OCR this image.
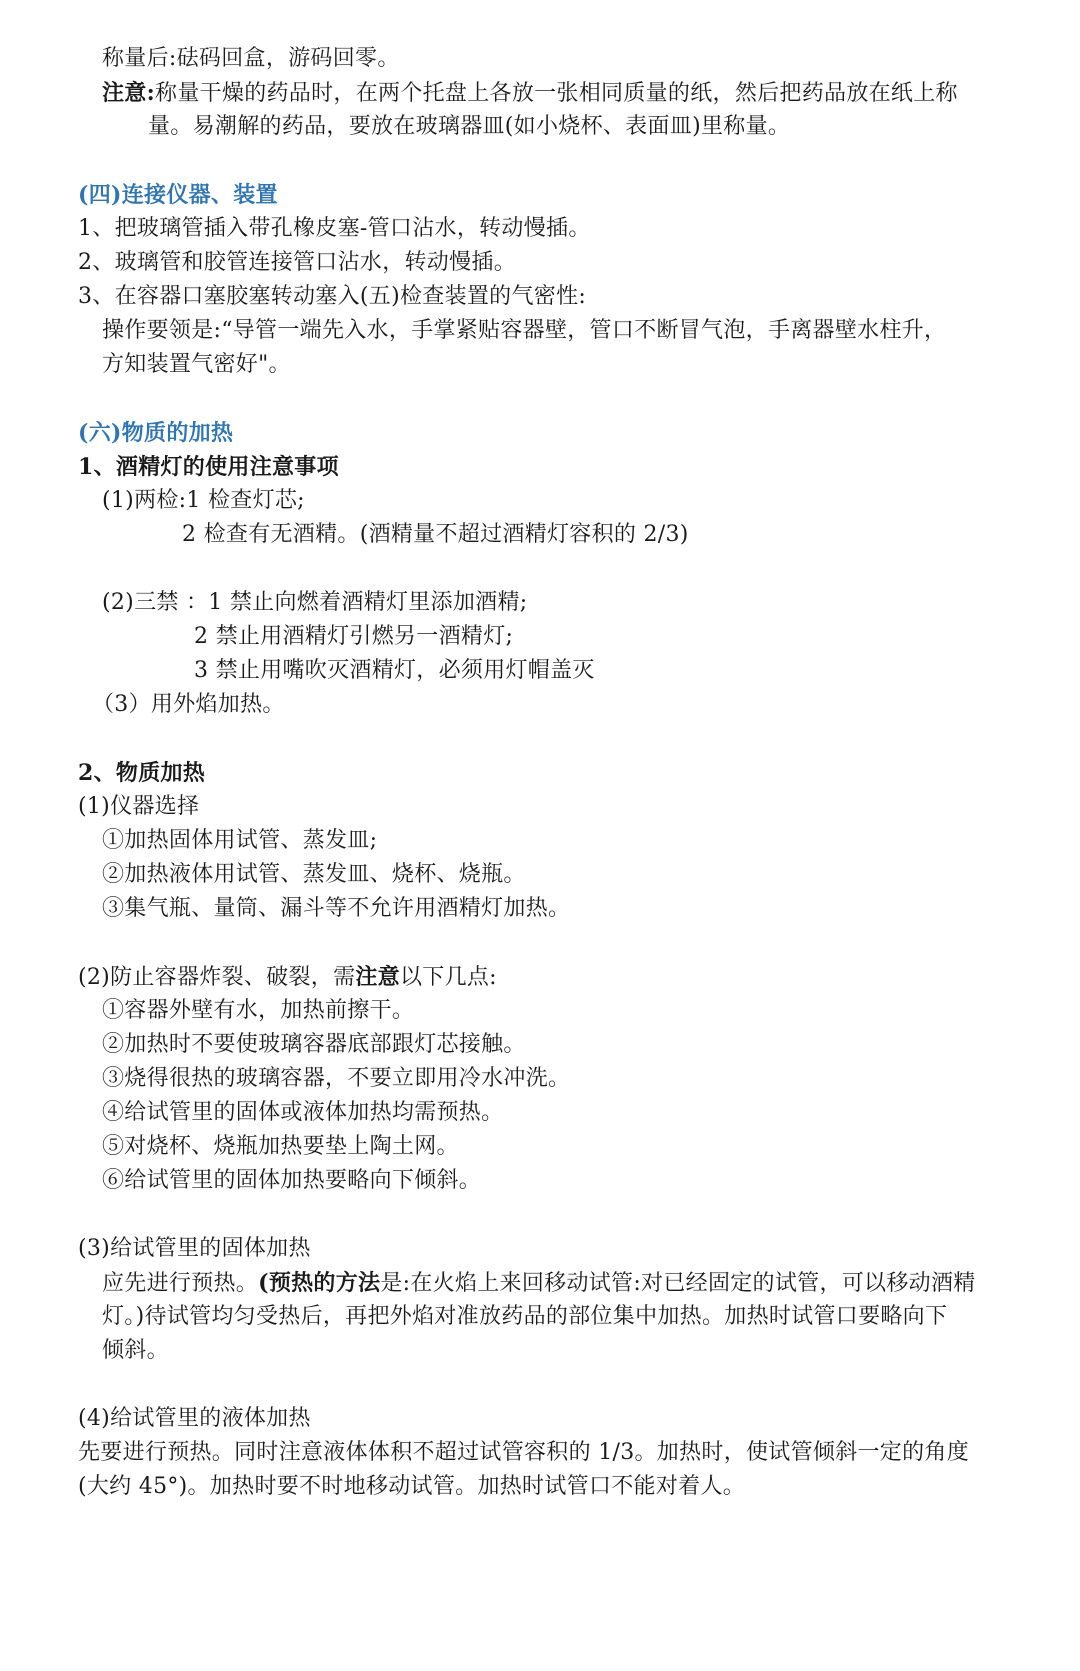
称量后:砝码回盒，游码回零。
注意:称量干燥的药品时，在两个托盘上各放一张相同质量的纸，然后把药品放在纸上称
量。易潮解的药品，要放在玻璃器皿(如小烧杯、表面皿)里称量。
(四)连接仪器、装置
1、把玻璃管插入带孔橡皮塞-管口沾水，转动慢插。
2、玻璃管和胶管连接管口沾水，转动慢插。
3、在容器口塞胶塞转动塞入(五)检查装置的气密性:
操作要领是:“导管一端先入水，手掌紧贴容器壁，管口不断冒气泡，手离器壁水柱升，
方知装置气密好"。
(六)物质的加热
1、酒精灯的使用注意事项
(1)两检:1 检查灯芯;
2 检查有无酒精。(酒精量不超过酒精灯容积的 2/3)
(2)三禁 ：1 禁止向燃着酒精灯里添加酒精;
2 禁止用酒精灯引燃另一酒精灯;
3 禁止用嘴吹灭酒精灯，必须用灯帽盖灭
（3）用外焰加热。
2、物质加热
(1)仪器选择
①加热固体用试管、蒸发皿;
②加热液体用试管、蒸发皿、烧杯、烧瓶。
③集气瓶、量筒、漏斗等不允许用酒精灯加热。
(2)防止容器炸裂、破裂，需注意以下几点:
①容器外壁有水，加热前擦干。
②加热时不要使玻璃容器底部跟灯芯接触。
③烧得很热的玻璃容器，不要立即用冷水冲洗。
④给试管里的固体或液体加热均需预热。
⑤对烧杯、烧瓶加热要垫上陶土网。
⑥给试管里的固体加热要略向下倾斜。
(3)给试管里的固体加热
应先进行预热。(预热的方法是:在火焰上来回移动试管:对已经固定的试管，可以移动酒精
灯。)待试管均匀受热后，再把外焰对准放药品的部位集中加热。加热时试管口要略向下
倾斜。
(4)给试管里的液体加热
先要进行预热。同时注意液体体积不超过试管容积的 1/3。加热时，使试管倾斜一定的角度
(大约 45°)。加热时要不时地移动试管。加热时试管口不能对着人。
